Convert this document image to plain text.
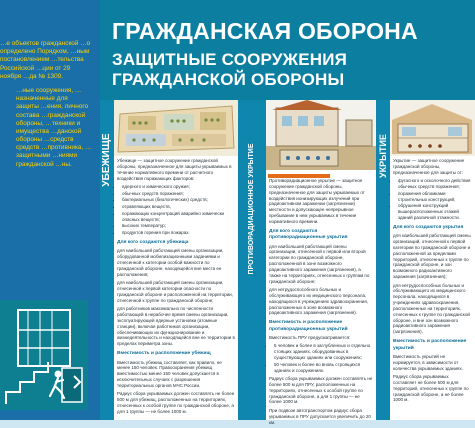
…е объектов гражданской …о определено Порядком, …ным постановлением …тельства Российской …ции от 29 ноября …да № 1309.

…ные сооружения, …назначенные для защиты …ения, личного состава …гражданской обороны, …техники и имущества …данской обороны …средств средств …противника, …защитными …ниями гражданской …ны.

ГРАЖДАНСКАЯ ОБОРОНА
ЗАЩИТНЫЕ СООРУЖЕНИЯ ГРАЖДАНСКОЙ ОБОРОНЫ
УБЕЖИЩЕ Убежище — защитное сооружение гражданской обороны, предназначенное для защиты укрываемых в течение нормативного времени от расчетного воздействия поражающих факторов:

• ядерного и химического оружия;
• обычных средств поражения;
• бактериальных (биологических) средств;
• отравляющих веществ,
• поражающих концентраций аварийно химически опасных веществ;
• высоких температур;
• продуктов горения при пожарах.
Для кого создаются убежища

для наибольшей работающей смены организации, оборудованной мобилизационными заданиями и отнесенной к категории особой важности по гражданской обороне, находящейся вне места ее расположения;

для наибольшей работающей смены организации, отнесенной к первой категории опасности по гражданской обороне и расположенной на территории, отнесенной к группе по гражданской обороне;

для работников максимально по численности работающей в нерабочее время смены организации, эксплуатирующей ядерные установки (атомные станции), включая работников организации, обеспечивающих их функционирование и жизнедеятельность и находящейся вне ее территории в пределах периметра зоны.

Вместимость и расположение убежищ

Вместимость убежищ составляет, как правило, не менее 150 человек. Правоохранения убежищ вместимостью менее 150 человек допускается в исключительных случаях с разрешения территориальных органов МЧС России.

Радиус сбора укрываемых должен составлять не более 500 м для убежищ, расположенных на территориях, отнесенных к особой группе по гражданской обороне, а для 1 группы — не более 1000 м.

ПРОТИВОРАДИАЦИОННОЕ УКРЫТИЕ	Противорадиационное укрытие — защитное сооружение гражданской обороны, предназначенное для защиты укрываемых от воздействия ионизирующих излучений при радиоактивном заражении (загрязнении) местности и допускающее непрерывное пребывание в нем укрываемых в течение нормативного времени.

Для кого создаются противорадиационные укрытия

для наибольшей работающей смены организации, отнесенной к первой или второй категории по гражданской обороне, расположенной в зоне возможного радиоактивного заражения (загрязнения), а также на территориях, отнесенных к группам по гражданской обороне;

для нетрудоспособного больных и обслуживающего их медицинского персонала, находящихся в учреждениях здравоохранения, расположенных в зоне возможного радиоактивного заражения (загрязнения).

Вместимость и расположение противорадиационных укрытий

Вместимость ПРУ предусматривается:

• 5 человек и более в заглубленных и отдельно стоящих зданиях, оборудованных в существующих зданиях или сооружениях;
• 50 человек и более во вновь строящихся зданиях и сооружениях.

Радиус сбора укрываемых должен составлять не более 500 м для ПРУ, расположенных на территориях, отнесенных к особой группе по гражданской обороне, а для 1 группы — не более 1000 м.

При подвозе автотранспортом радиус сбора укрываемых в ПРУ допускается увеличить до 20 км.

УКРЫТИЕ Укрытие — защитное сооружение гражданской обороны, предназначенное для защиты от:

• фугасного и осколочного действия обычных средств поражения;
• поражения обломками строительных конструкций;
• обрушения конструкций вышерасположенных этажей зданий различной этажности.
Для кого создаются укрытия

для наибольшей работающей смены организаций, отнесенной к первой категории по гражданской обороне и расположенной за пределами территорий, отнесенных к группе по гражданской обороне, и зон возможного радиоактивного заражения (загрязнения);

для нетрудоспособных больных и обслуживающего их медицинского персонала, находящихся в учреждениях здравоохранения, расположенных на территориях, отнесенных к группе по гражданской обороне, и вне зон возможного радиоактивного заражения (загрязнения).

Вместимость и расположение укрытий

Вместимость укрытий не нормируется, в зависимости от количества укрываемых зданиях.

Радиус сбора укрываемых составляет не более 500 м для территорий, отнесенных к группе по гражданской обороне, а не более 1000 м.
